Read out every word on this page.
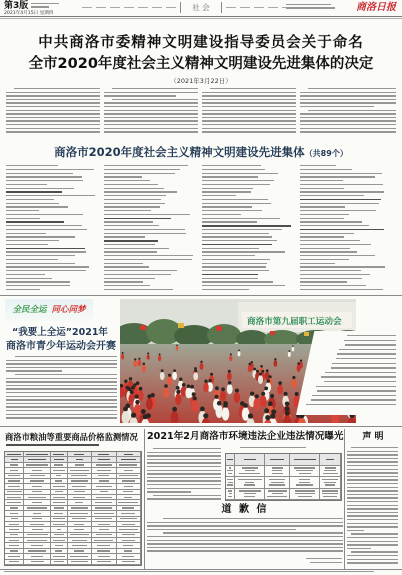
第3版
2021年4月15日 星期四
社 会	商洛日报
中共商洛市委精神文明建设指导委员会关于命名
全市2020年度社会主义精神文明建设先进集体的决定
（2021年3月22日）
商洛市2020年度社会主义精神文明建设先进集体（共89个）
全民全运 同心同梦
“我要上全运”2021年
商洛市青少年运动会开赛
商洛市第九届职工运动会
商洛市粮油等重要商品价格监测情况 2021年2月商洛市环境违法企业违法情况曝光
道 歉 信
声 明
